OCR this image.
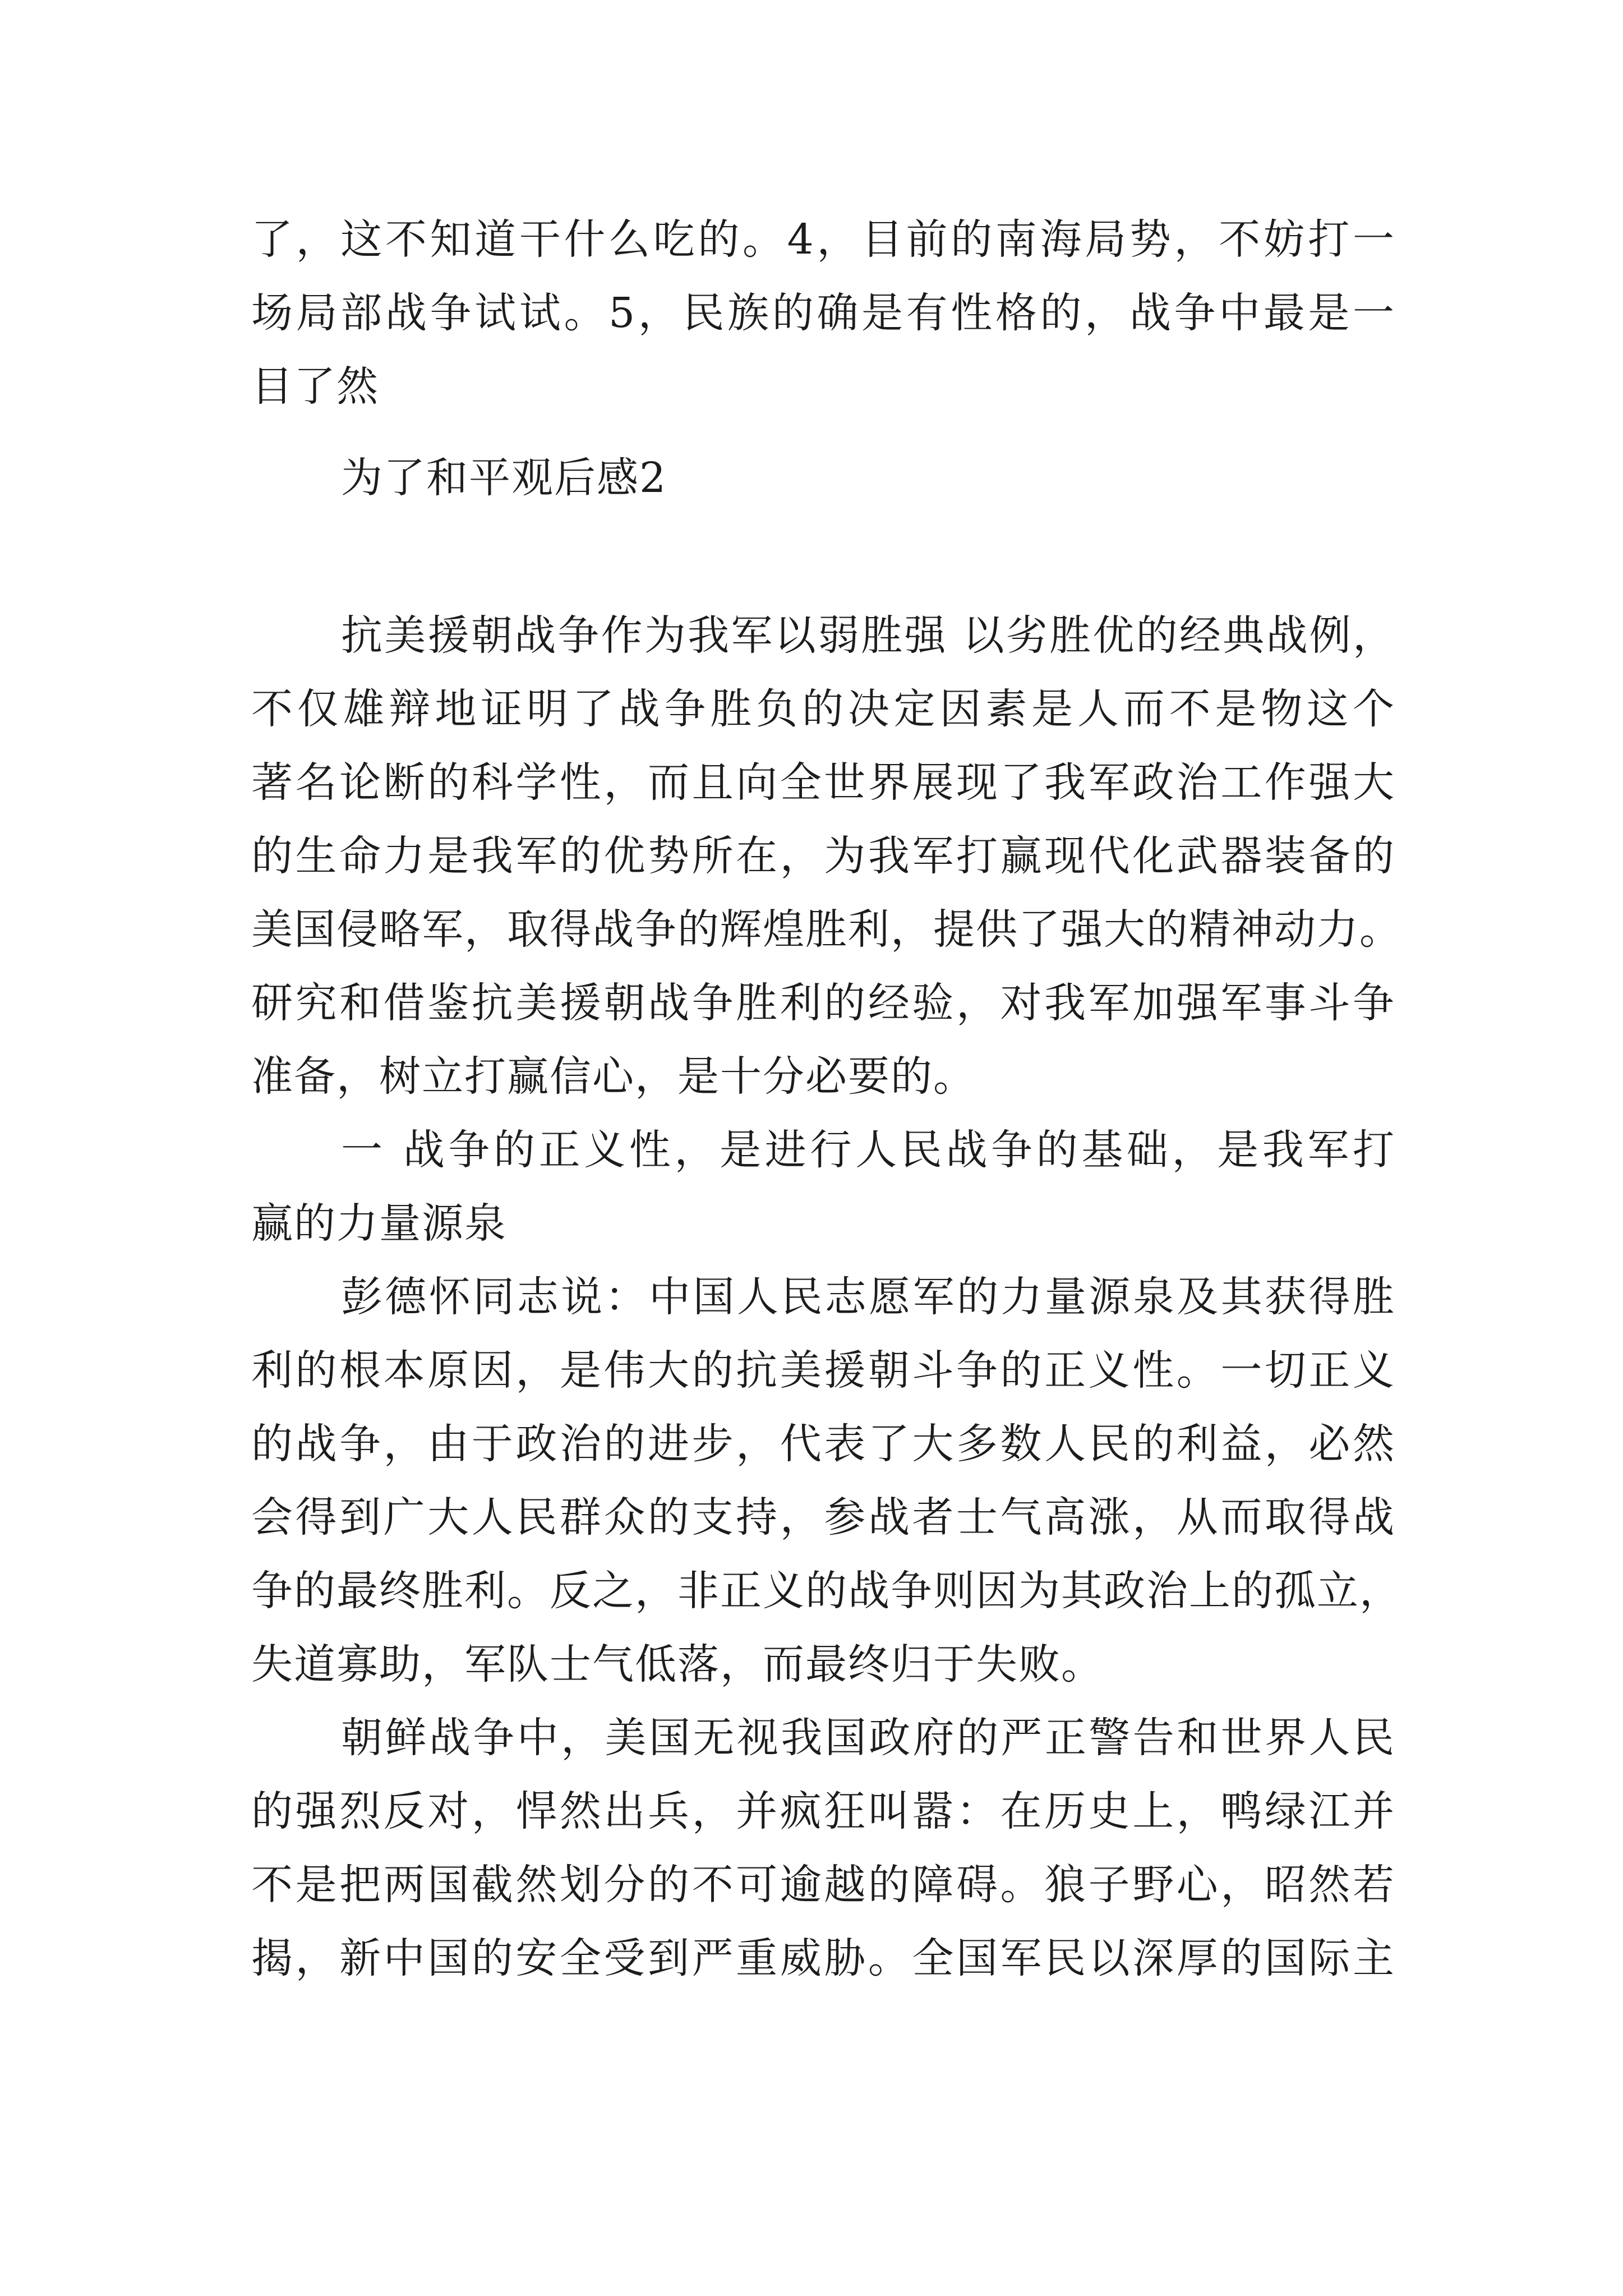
了，这不知道干什么吃的。4，目前的南海局势，不妨打一
场局部战争试试。5，民族的确是有性格的，战争中最是一
目了然
为了和平观后感2
抗美援朝战争作为我军以弱胜强 以劣胜优的经典战例，
不仅雄辩地证明了战争胜负的决定因素是人而不是物这个
著名论断的科学性，而且向全世界展现了我军政治工作强大
的生命力是我军的优势所在，为我军打赢现代化武器装备的
美国侵略军，取得战争的辉煌胜利，提供了强大的精神动力。
研究和借鉴抗美援朝战争胜利的经验，对我军加强军事斗争
准备，树立打赢信心，是十分必要的。
一 战争的正义性，是进行人民战争的基础，是我军打
赢的力量源泉
彭德怀同志说：中国人民志愿军的力量源泉及其获得胜
利的根本原因，是伟大的抗美援朝斗争的正义性。一切正义
的战争，由于政治的进步，代表了大多数人民的利益，必然
会得到广大人民群众的支持，参战者士气高涨，从而取得战
争的最终胜利。反之，非正义的战争则因为其政治上的孤立，
失道寡助，军队士气低落，而最终归于失败。
朝鲜战争中，美国无视我国政府的严正警告和世界人民
的强烈反对，悍然出兵，并疯狂叫嚣：在历史上，鸭绿江并
不是把两国截然划分的不可逾越的障碍。狼子野心，昭然若
揭，新中国的安全受到严重威胁。全国军民以深厚的国际主
